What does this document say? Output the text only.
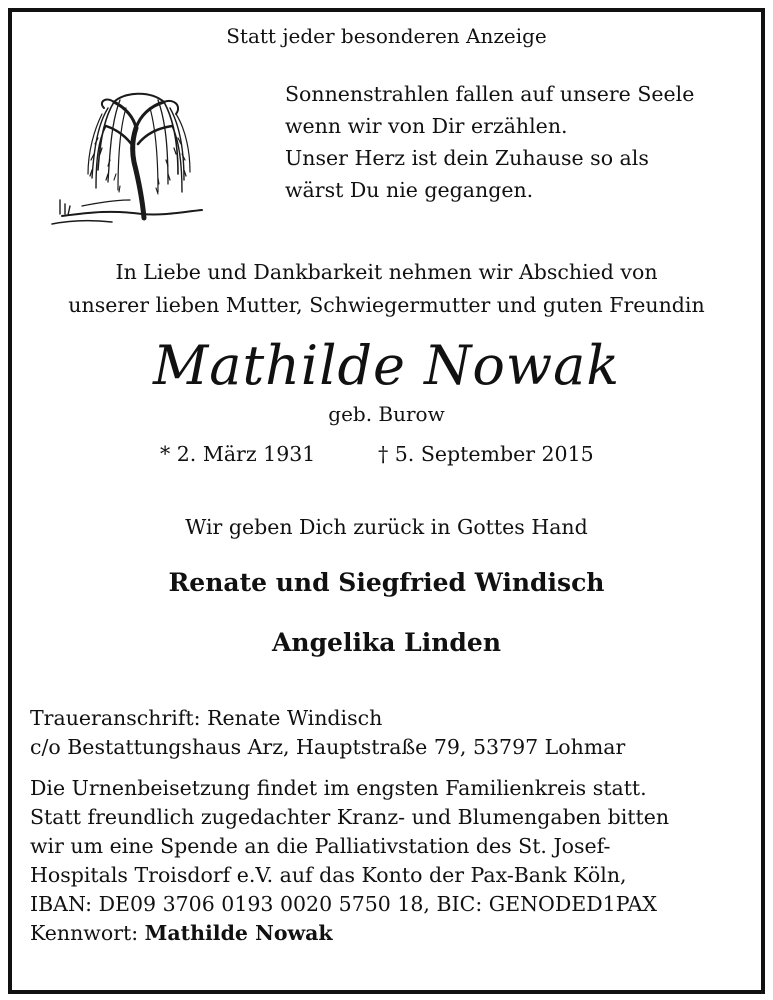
Statt jeder besonderen Anzeige
Sonnenstrahlen fallen auf unsere Seele
wenn wir von Dir erzählen.
Unser Herz ist dein Zuhause so als
wärst Du nie gegangen.
In Liebe und Dankbarkeit nehmen wir Abschied von
unserer lieben Mutter, Schwiegermutter und guten Freundin
Mathilde Nowak
geb. Burow
* 2. März 1931	† 5. September 2015
Wir geben Dich zurück in Gottes Hand
Renate und Siegfried Windisch
Angelika Linden
Traueranschrift: Renate Windisch
c/o Bestattungshaus Arz, Hauptstraße 79, 53797 Lohmar
Die Urnenbeisetzung findet im engsten Familienkreis statt.
Statt freundlich zugedachter Kranz- und Blumengaben bitten
wir um eine Spende an die Palliativstation des St. Josef-
Hospitals Troisdorf e.V. auf das Konto der Pax-Bank Köln,
IBAN: DE09 3706 0193 0020 5750 18, BIC: GENODED1PAX
Kennwort: Mathilde Nowak
